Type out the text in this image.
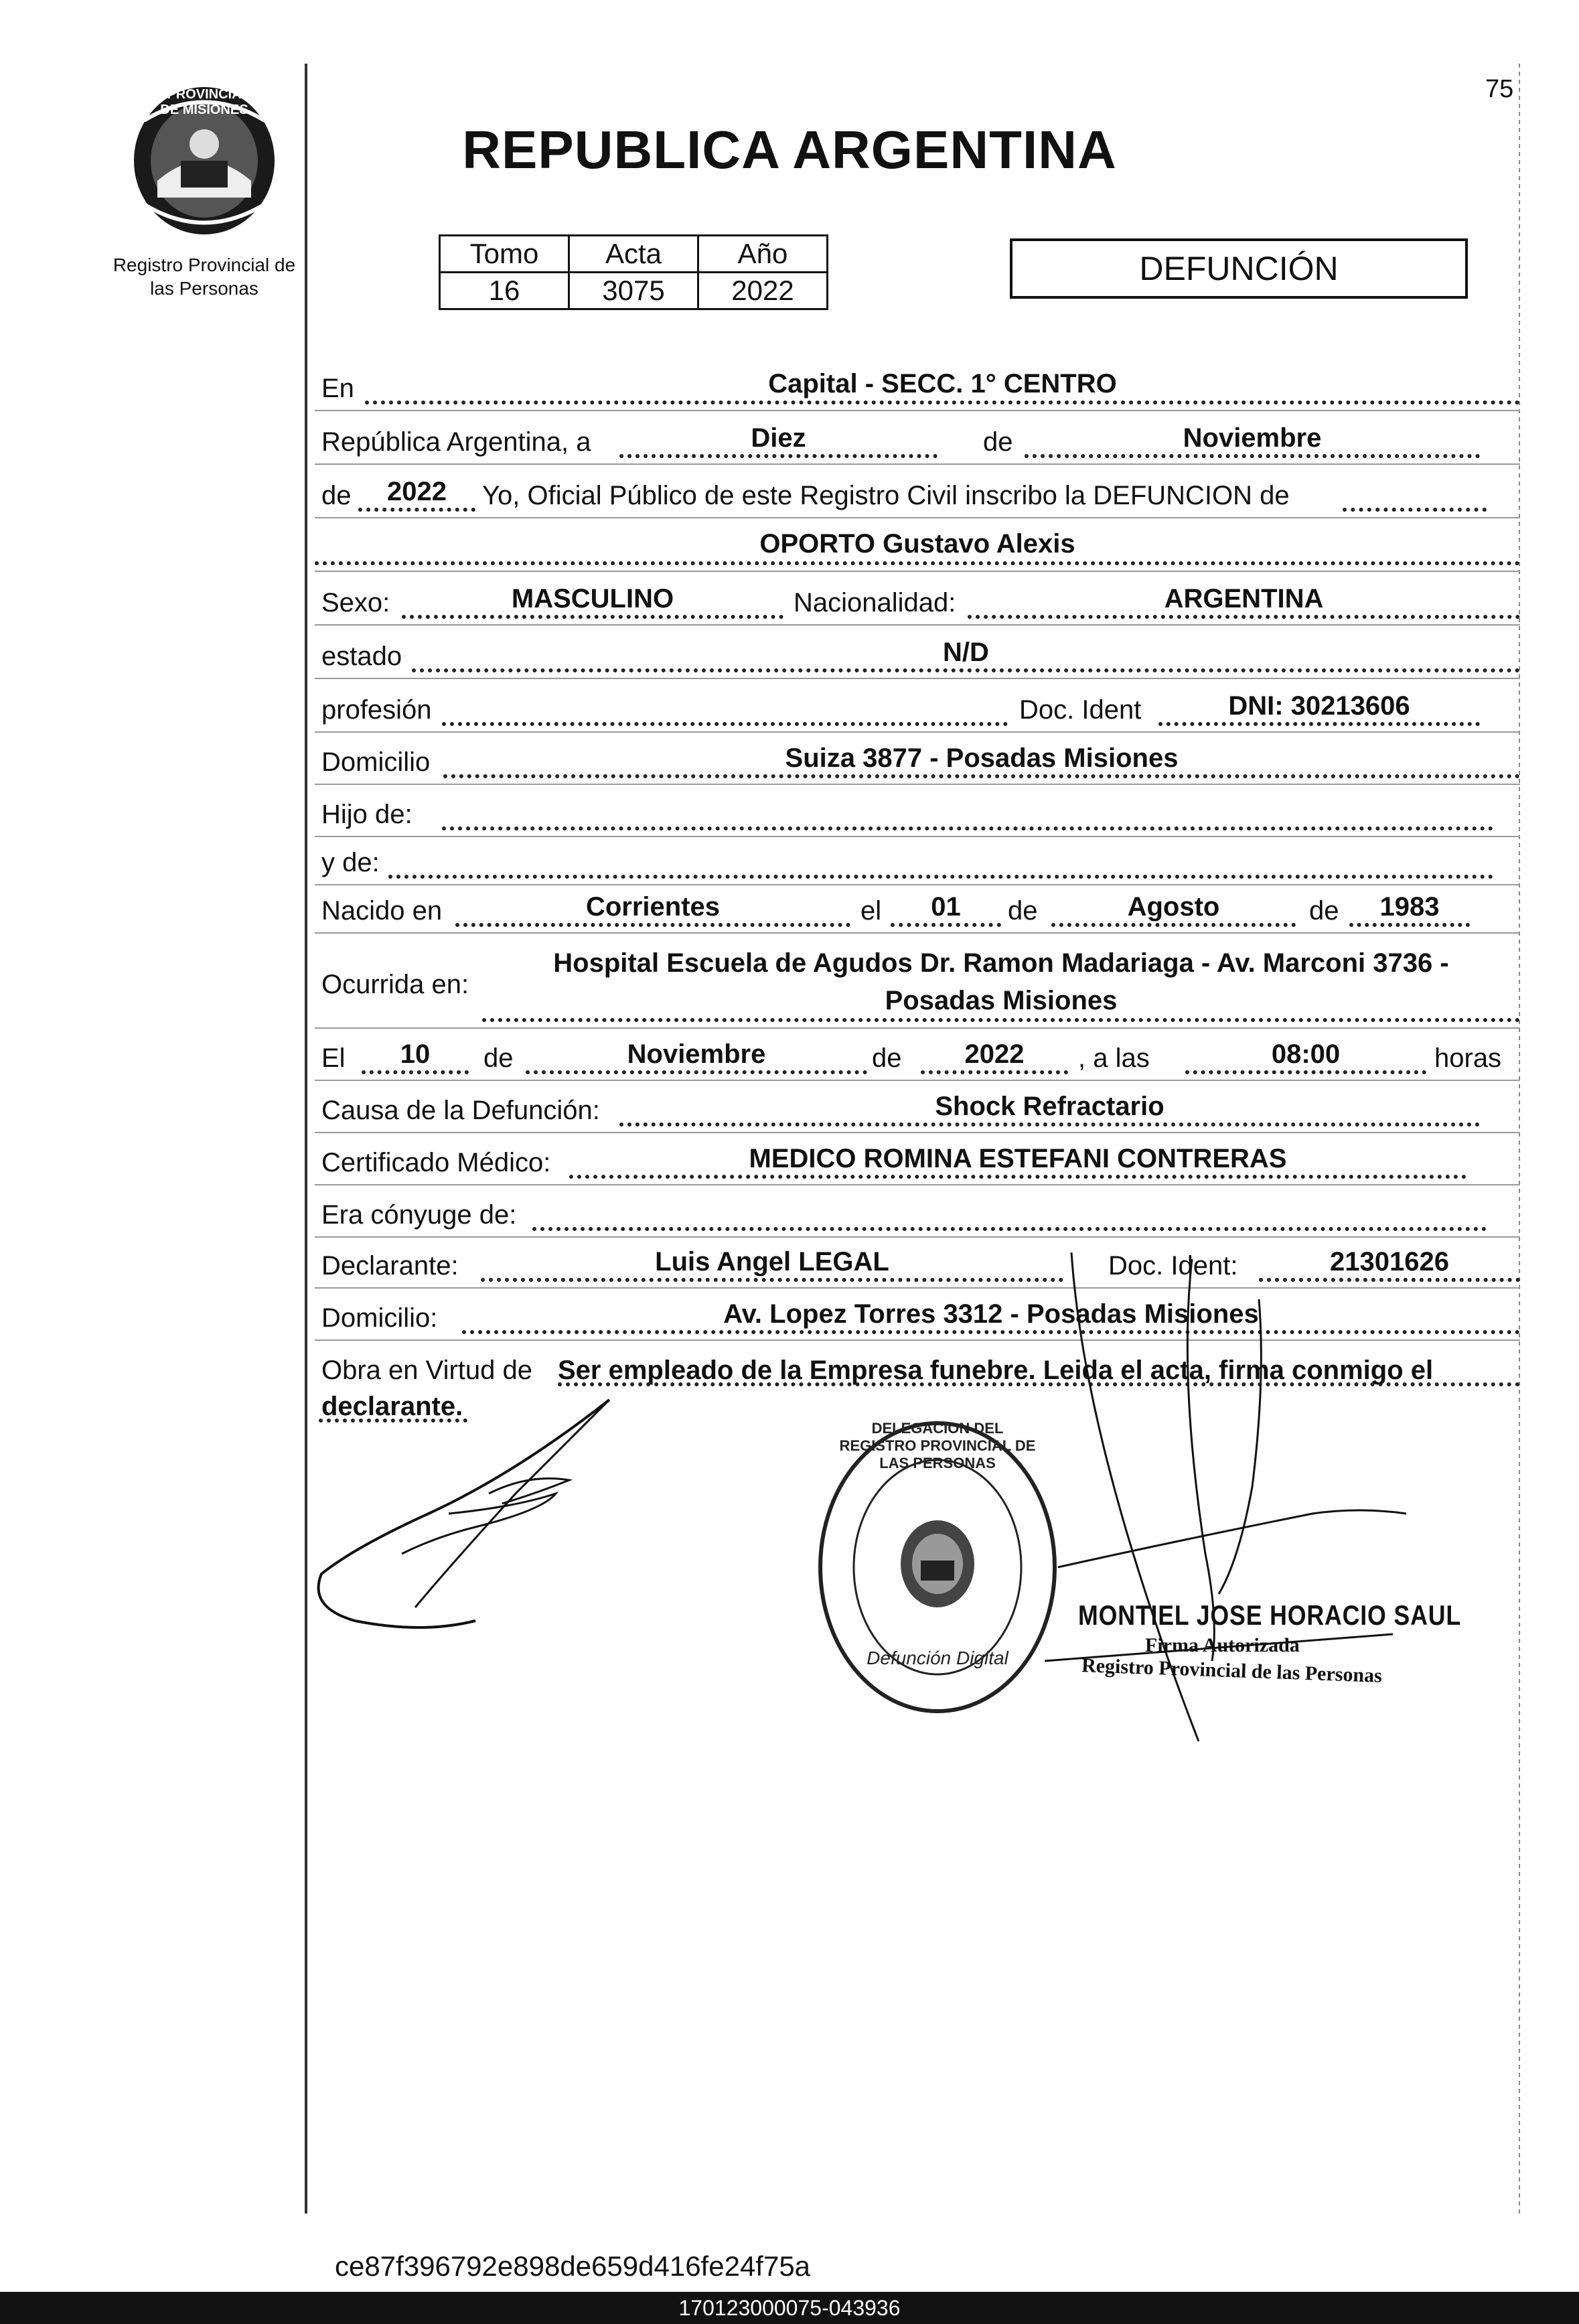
75
PROVINCIA DE MISIONES
Registro Provincial de
las Personas
REPUBLICA ARGENTINA
Tomo	Acta	Año
16	3075	2022
DEFUNCIÓN
En	Capital - SECC. 1° CENTRO
República Argentina, a	Diez	de	Noviembre
de	2022	Yo, Oficial Público de este Registro Civil inscribo la DEFUNCION de
OPORTO Gustavo Alexis
Sexo:	MASCULINO	Nacionalidad:	ARGENTINA
estado	N/D
profesión	Doc. Ident	DNI: 30213606
Domicilio	Suiza 3877 - Posadas Misiones
Hijo de:
y de:
Nacido en	Corrientes	el	01	de	Agosto	de	1983
Ocurrida en:
Hospital Escuela de Agudos Dr. Ramon Madariaga - Av. Marconi 3736 -
Posadas Misiones
El	10	de	Noviembre	de	2022	, a las	08:00	horas
Causa de la Defunción:	Shock Refractario
Certificado Médico:	MEDICO ROMINA ESTEFANI CONTRERAS
Era cónyuge de:
Declarante:	Luis Angel LEGAL	Doc. Ident:	21301626
Domicilio:	Av. Lopez Torres 3312 - Posadas Misiones
Obra en Virtud de Ser empleado de la Empresa funebre. Leida el acta, firma conmigo el
declarante.
DELEGACION DEL REGISTRO PROVINCIAL DE LAS PERSONAS
Defunción Digital
MONTIEL JOSE HORACIO SAUL
Firma Autorizada
Registro Provincial de las Personas
ce87f396792e898de659d416fe24f75a
170123000075-043936
